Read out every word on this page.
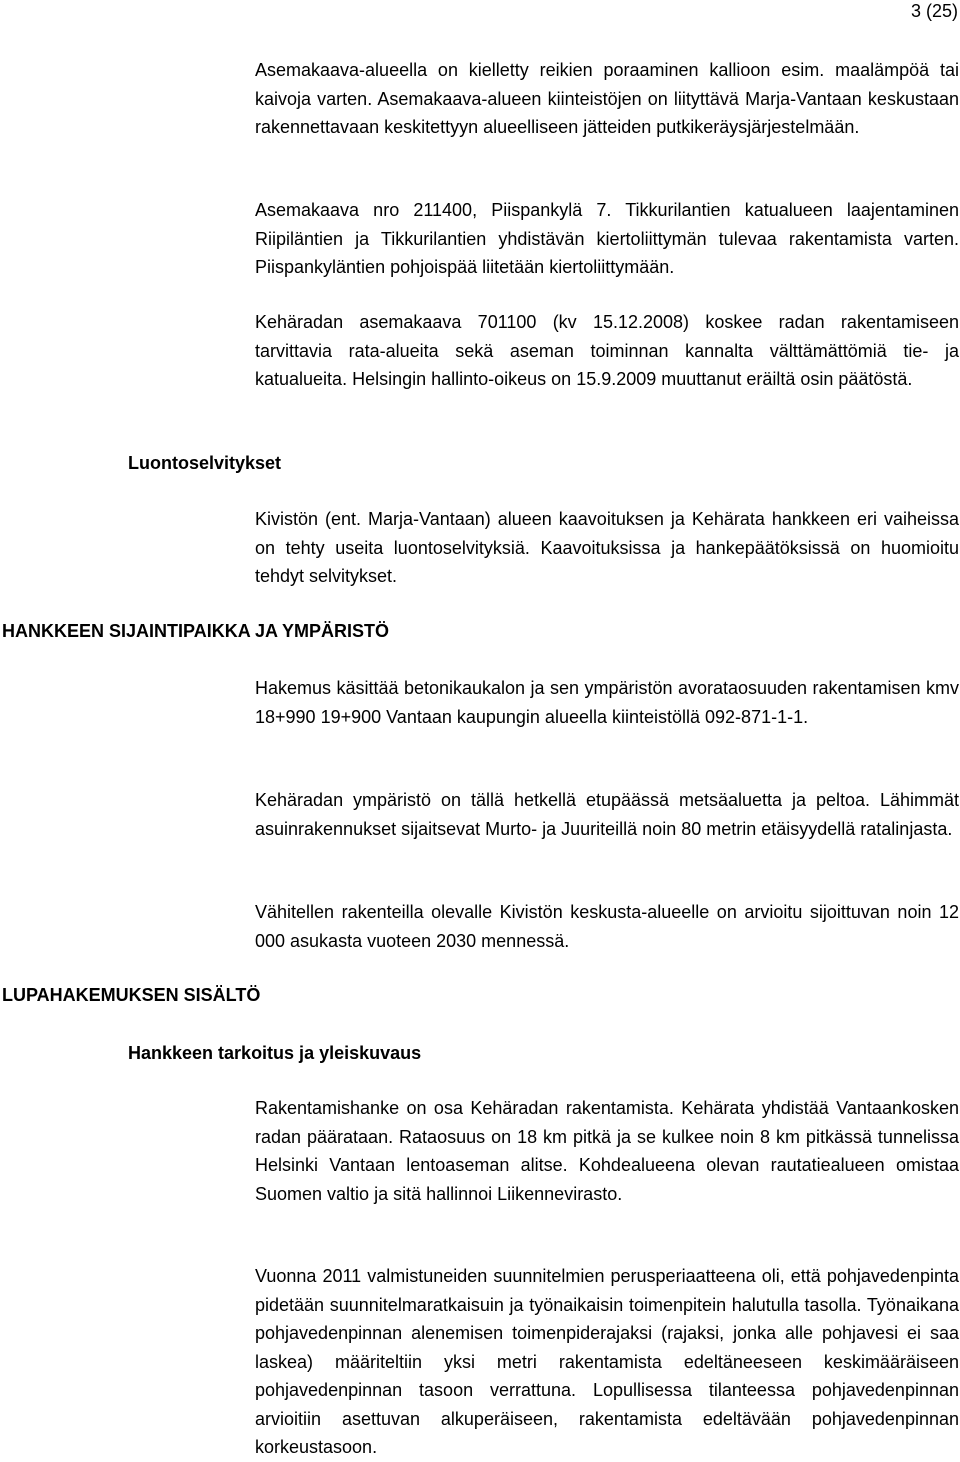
3 (25)

Asemakaava-alueella on kielletty reikien poraaminen kallioon esim. maalämpöä tai kaivoja varten. Asemakaava-alueen kiinteistöjen on liityttävä Marja-Vantaan keskustaan rakennettavaan keskitettyyn alueelliseen jätteiden putkikeräysjärjestelmään.

Asemakaava nro 211400, Piispankylä 7. Tikkurilantien katualueen laajentaminen Riipiläntien ja Tikkurilantien yhdistävän kiertoliittymän tulevaa rakentamista varten. Piispankyläntien pohjoispää liitetään kiertoliittymään.

Kehäradan asemakaava 701100 (kv 15.12.2008) koskee radan rakentamiseen tarvittavia rata-alueita sekä aseman toiminnan kannalta välttämättömiä tie- ja katualueita. Helsingin hallinto-oikeus on 15.9.2009 muuttanut eräiltä osin päätöstä.

Luontoselvitykset

Kivistön (ent. Marja-Vantaan) alueen kaavoituksen ja Kehärata hankkeen eri vaiheissa on tehty useita luontoselvityksiä. Kaavoituksissa ja hankepäätöksissä on huomioitu tehdyt selvitykset.

HANKKEEN SIJAINTIPAIKKA JA YMPÄRISTÖ

Hakemus käsittää betonikaukalon ja sen ympäristön avorataosuuden rakentamisen kmv 18+990 19+900 Vantaan kaupungin alueella kiinteistöllä 092-871-1-1.

Kehäradan ympäristö on tällä hetkellä etupäässä metsäaluetta ja peltoa. Lähimmät asuinrakennukset sijaitsevat Murto- ja Juuriteillä noin 80 metrin etäisyydellä ratalinjasta.

Vähitellen rakenteilla olevalle Kivistön keskusta-alueelle on arvioitu sijoittuvan noin 12 000 asukasta vuoteen 2030 mennessä.

LUPAHAKEMUKSEN SISÄLTÖ
Hankkeen tarkoitus ja yleiskuvaus

Rakentamishanke on osa Kehäradan rakentamista. Kehärata yhdistää Vantaankosken radan päärataan. Rataosuus on 18 km pitkä ja se kulkee noin 8 km pitkässä tunnelissa Helsinki Vantaan lentoaseman alitse. Kohdealueena olevan rautatiealueen omistaa Suomen valtio ja sitä hallinnoi Liikennevirasto.

Vuonna 2011 valmistuneiden suunnitelmien perusperiaatteena oli, että pohjavedenpinta pidetään suunnitelmaratkaisuin ja työnaikaisin toimenpitein halutulla tasolla. Työnaikana pohjavedenpinnan alenemisen toimenpiderajaksi (rajaksi, jonka alle pohjavesi ei saa laskea) määriteltiin yksi metri rakentamista edeltäneeseen keskimääräiseen pohjavedenpinnan tasoon verrattuna. Lopullisessa tilanteessa pohjavedenpinnan arvioitiin asettuvan alkuperäiseen, rakentamista edeltävään pohjavedenpinnan korkeustasoon.
